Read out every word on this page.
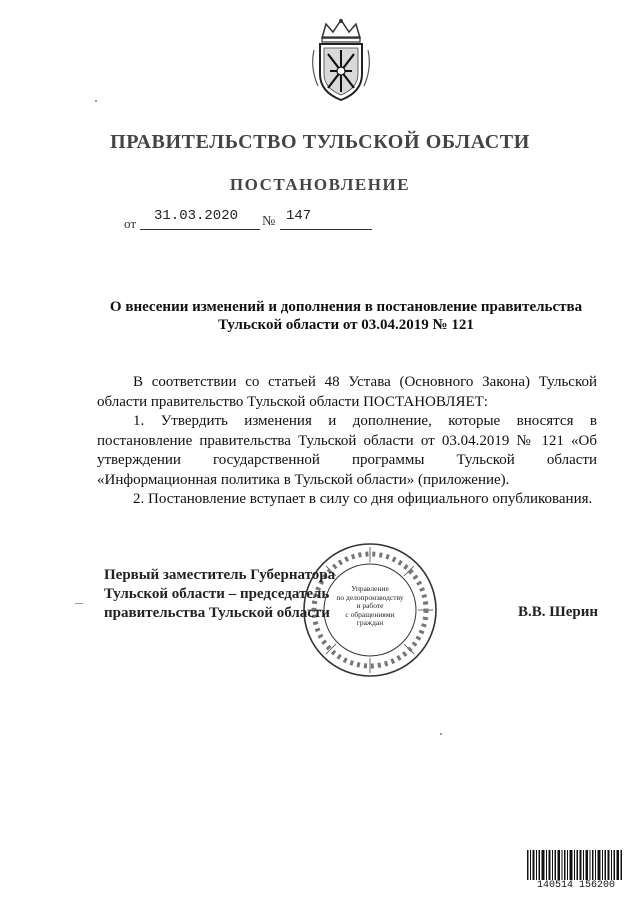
ПРАВИТЕЛЬСТВО ТУЛЬСКОЙ ОБЛАСТИ
ПОСТАНОВЛЕНИЕ
от 31.03.2020 № 147
О внесении изменений и дополнения в постановление правительства
Тульской области от 03.04.2019 № 121

В соответствии со статьей 48 Устава (Основного Закона) Тульской области правительство Тульской области ПОСТАНОВЛЯЕТ:

1. Утвердить изменения и дополнение, которые вносятся в постановление правительства Тульской области от 03.04.2019 № 121 «Об утверждении государственной программы Тульской области «Информационная политика в Тульской области» (приложение).

2. Постановление вступает в силу со дня официального опубликования.

Управление
по делопроизводству
и работе
с обращениями
граждан
Первый заместитель Губернатора
Тульской области – председатель
правительства Тульской области	В.В. Шерин
140514 156200
